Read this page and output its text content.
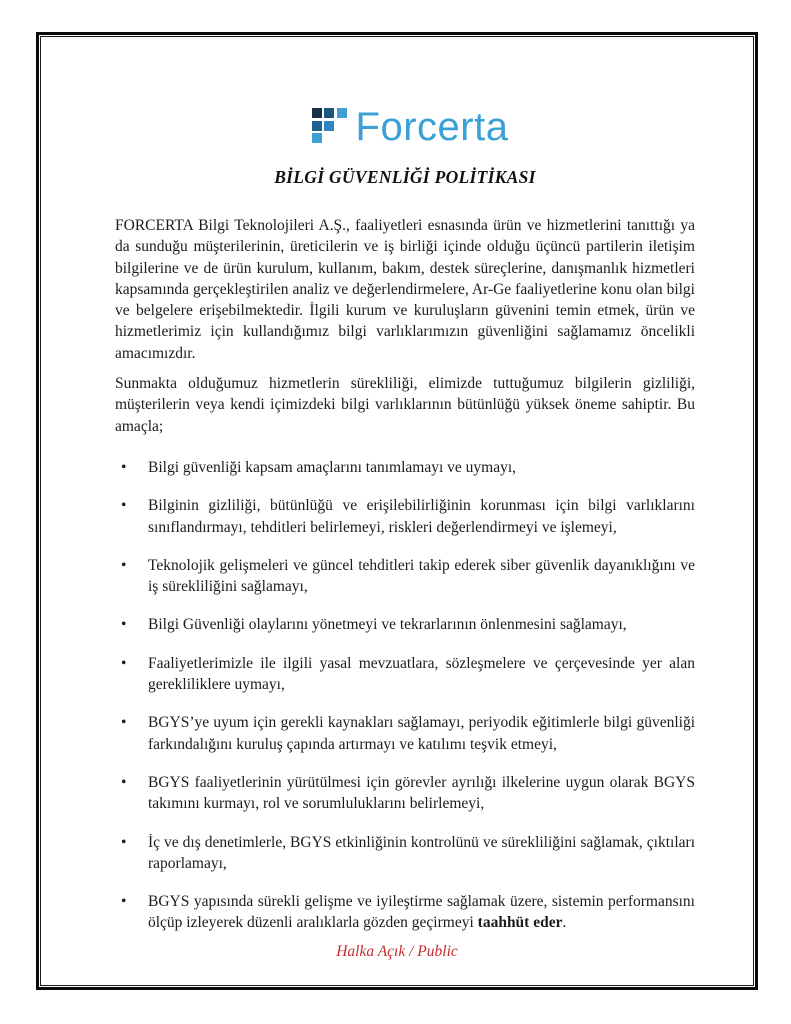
Forcerta
BİLGİ GÜVENLİĞİ POLİTİKASI

FORCERTA Bilgi Teknolojileri A.Ş., faaliyetleri esnasında ürün ve hizmetlerini tanıttığı ya da sunduğu müşterilerinin, üreticilerin ve iş birliği içinde olduğu üçüncü partilerin iletişim bilgilerine ve de ürün kurulum, kullanım, bakım, destek süreçlerine, danışmanlık hizmetleri kapsamında gerçekleştirilen analiz ve değerlendirmelere, Ar-Ge faaliyetlerine konu olan bilgi ve belgelere erişebilmektedir. İlgili kurum ve kuruluşların güvenini temin etmek, ürün ve hizmetlerimiz için kullandığımız bilgi varlıklarımızın güvenliğini sağlamamız öncelikli amacımızdır.

Sunmakta olduğumuz hizmetlerin sürekliliği, elimizde tuttuğumuz bilgilerin gizliliği, müşterilerin veya kendi içimizdeki bilgi varlıklarının bütünlüğü yüksek öneme sahiptir. Bu amaçla;

• Bilgi güvenliği kapsam amaçlarını tanımlamayı ve uymayı,
• Bilginin gizliliği, bütünlüğü ve erişilebilirliğinin korunması için bilgi varlıklarını sınıflandırmayı, tehditleri belirlemeyi, riskleri değerlendirmeyi ve işlemeyi,
• Teknolojik gelişmeleri ve güncel tehditleri takip ederek siber güvenlik dayanıklığını ve iş sürekliliğini sağlamayı,
• Bilgi Güvenliği olaylarını yönetmeyi ve tekrarlarının önlenmesini sağlamayı,
• Faaliyetlerimizle ile ilgili yasal mevzuatlara, sözleşmelere ve çerçevesinde yer alan gerekliliklere uymayı,
• BGYS’ye uyum için gerekli kaynakları sağlamayı, periyodik eğitimlerle bilgi güvenliği farkındalığını kuruluş çapında artırmayı ve katılımı teşvik etmeyi,
• BGYS faaliyetlerinin yürütülmesi için görevler ayrılığı ilkelerine uygun olarak BGYS takımını kurmayı, rol ve sorumluluklarını belirlemeyi,
• İç ve dış denetimlerle, BGYS etkinliğinin kontrolünü ve sürekliliğini sağlamak, çıktıları raporlamayı,
• BGYS yapısında sürekli gelişme ve iyileştirme sağlamak üzere, sistemin performansını ölçüp izleyerek düzenli aralıklarla gözden geçirmeyi taahhüt eder.
Halka Açık / Public
